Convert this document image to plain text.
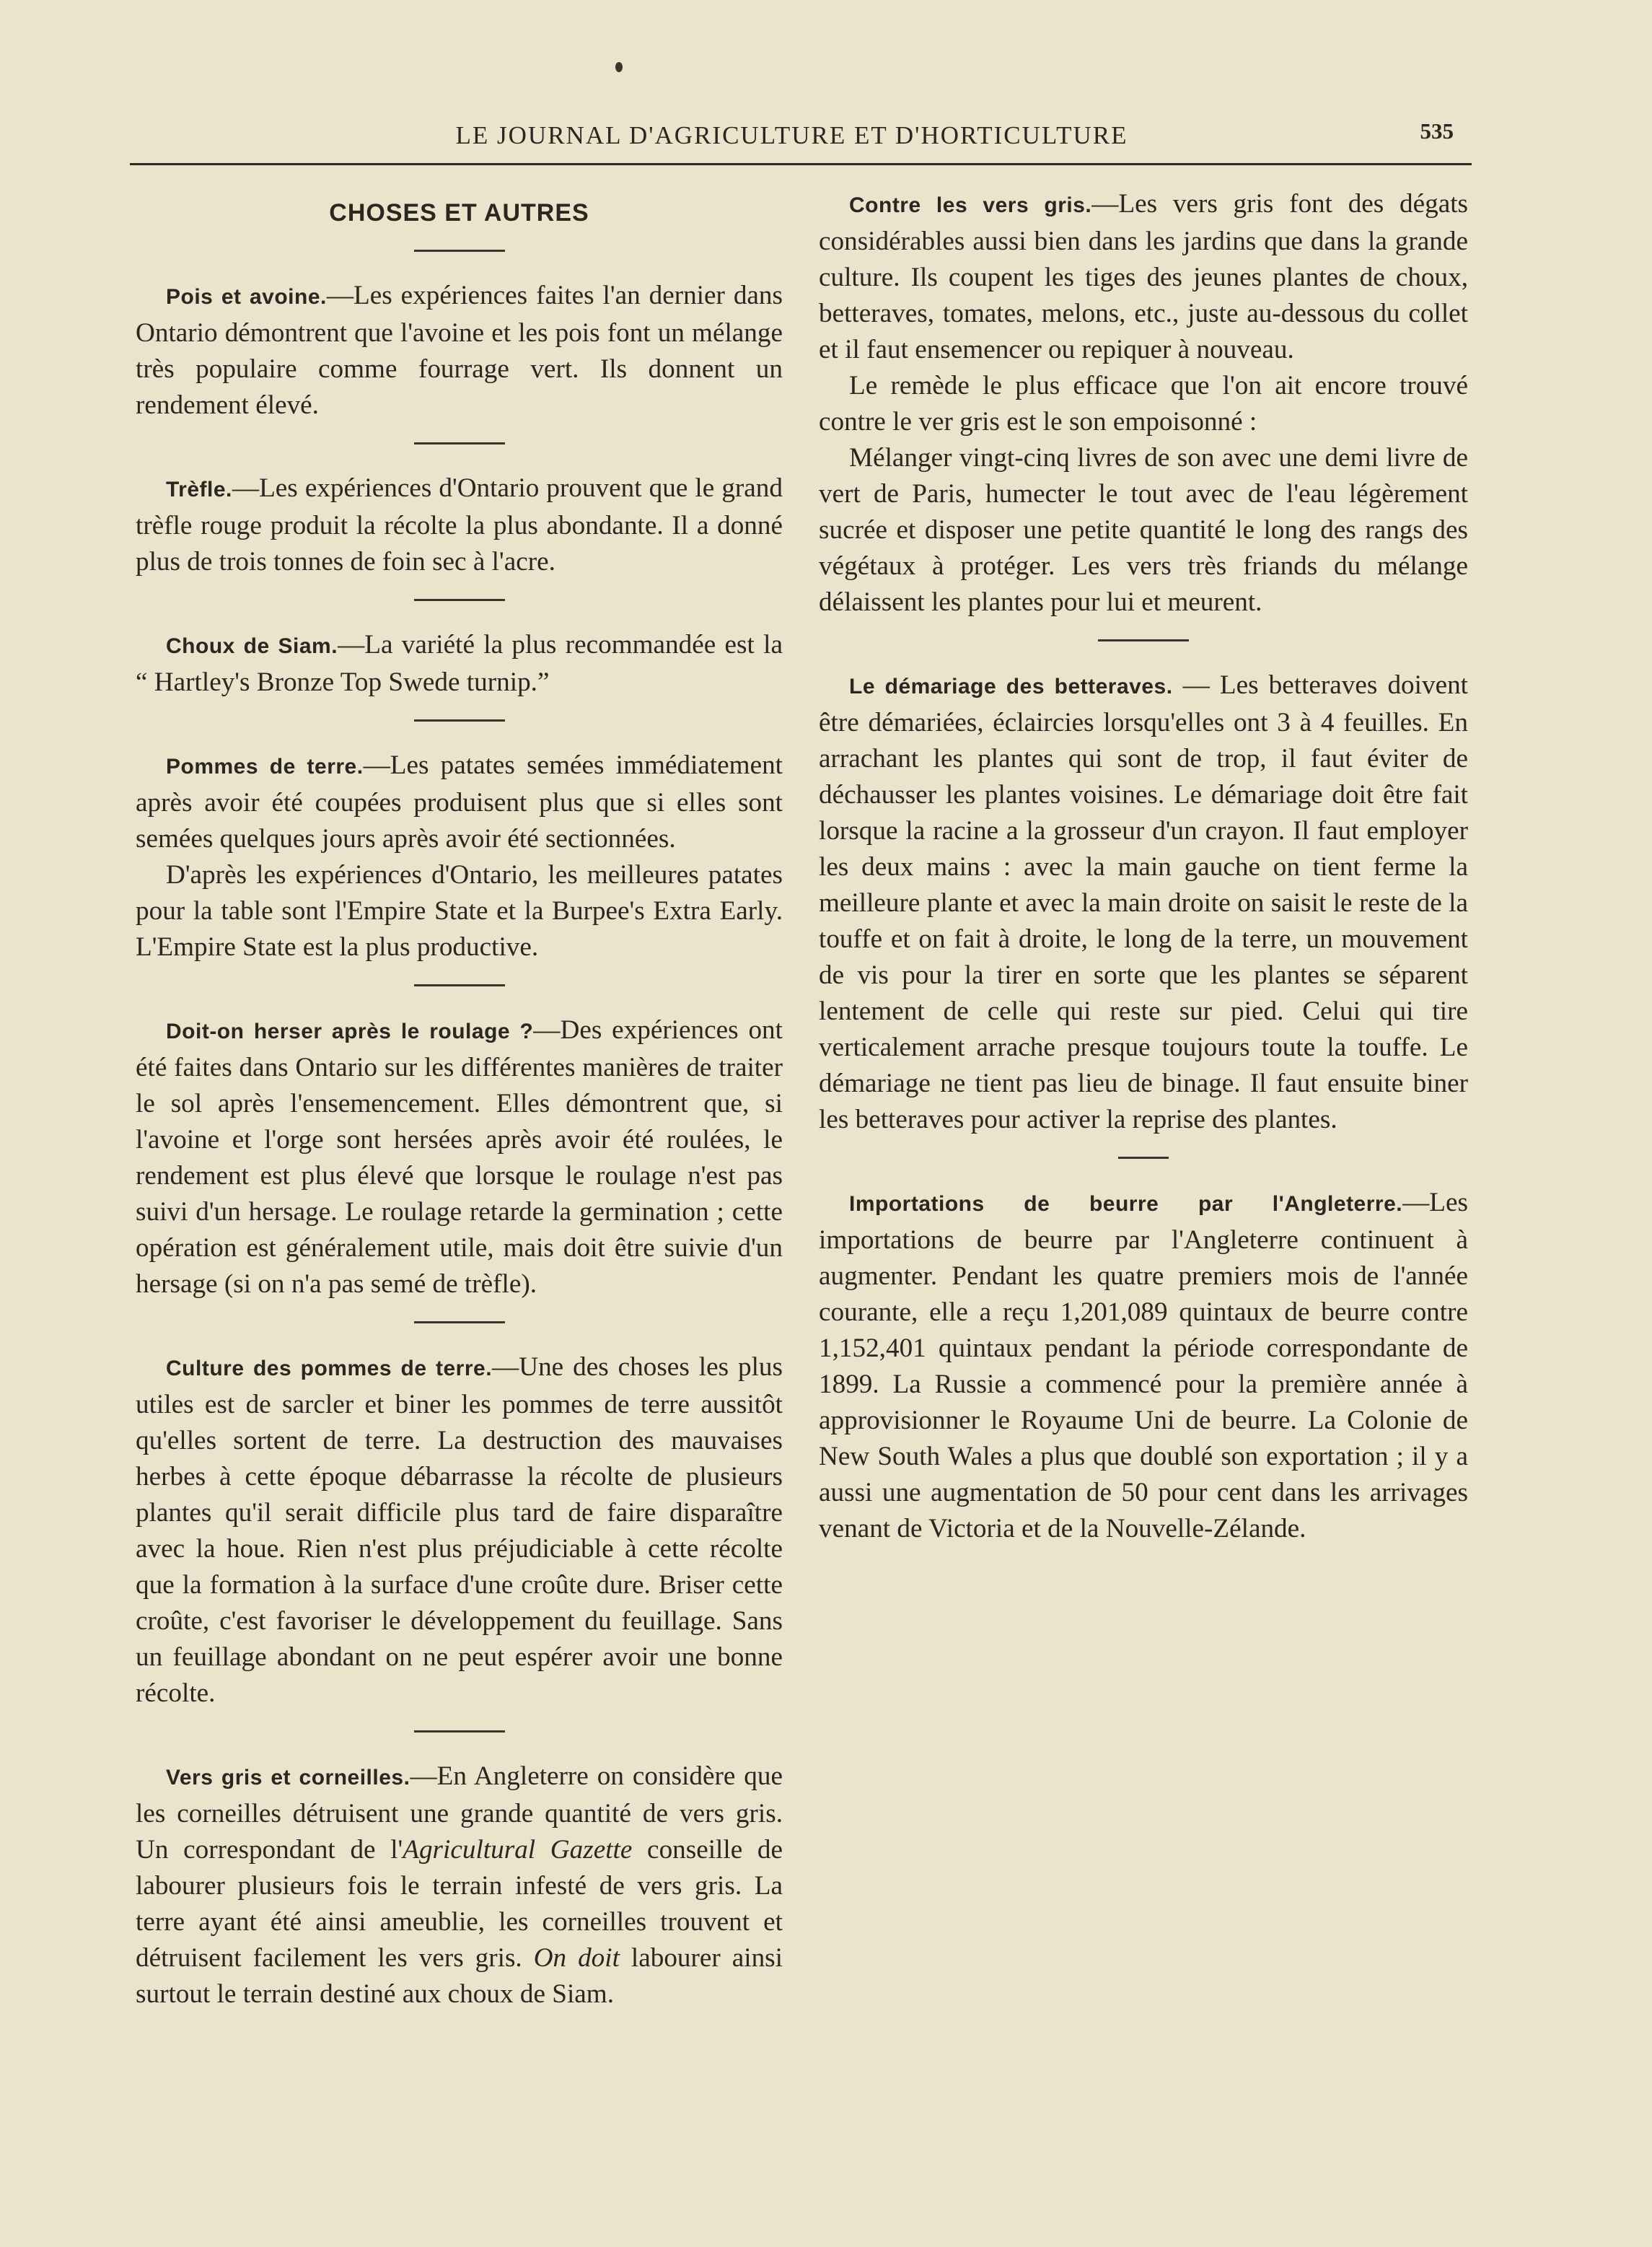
LE JOURNAL D'AGRICULTURE ET D'HORTICULTURE	535
CHOSES ET AUTRES

Pois et avoine.—Les expériences faites l'an dernier dans Ontario démontrent que l'avoine et les pois font un mélange très populaire comme fourrage vert. Ils donnent un rendement élevé.

Trèfle.—Les expériences d'Ontario prouvent que le grand trèfle rouge produit la récolte la plus abondante. Il a donné plus de trois tonnes de foin sec à l'acre.

Choux de Siam.—La variété la plus recommandée est la “ Hartley's Bronze Top Swede turnip.”

Pommes de terre.—Les patates semées immédiatement après avoir été coupées produisent plus que si elles sont semées quelques jours après avoir été sectionnées.

D'après les expériences d'Ontario, les meilleures patates pour la table sont l'Empire State et la Burpee's Extra Early. L'Empire State est la plus productive.

Doit-on herser après le roulage ?—Des expériences ont été faites dans Ontario sur les différentes manières de traiter le sol après l'ensemencement. Elles démontrent que, si l'avoine et l'orge sont hersées après avoir été roulées, le rendement est plus élevé que lorsque le roulage n'est pas suivi d'un hersage. Le roulage retarde la germination ; cette opération est généralement utile, mais doit être suivie d'un hersage (si on n'a pas semé de trèfle).

Culture des pommes de terre.—Une des choses les plus utiles est de sarcler et biner les pommes de terre aussitôt qu'elles sortent de terre. La destruction des mauvaises herbes à cette époque débarrasse la récolte de plusieurs plantes qu'il serait difficile plus tard de faire disparaître avec la houe. Rien n'est plus préjudiciable à cette récolte que la formation à la surface d'une croûte dure. Briser cette croûte, c'est favoriser le développement du feuillage. Sans un feuillage abondant on ne peut espérer avoir une bonne récolte.

Vers gris et corneilles.—En Angleterre on considère que les corneilles détruisent une grande quantité de vers gris. Un correspondant de l'Agricultural Gazette conseille de labourer plusieurs fois le terrain infesté de vers gris. La terre ayant été ainsi ameublie, les corneilles trouvent et détruisent facilement les vers gris. On doit labourer ainsi surtout le terrain destiné aux choux de Siam.

Contre les vers gris.—Les vers gris font des dégats considérables aussi bien dans les jardins que dans la grande culture. Ils coupent les tiges des jeunes plantes de choux, betteraves, tomates, melons, etc., juste au-dessous du collet et il faut ensemencer ou repiquer à nouveau.

Le remède le plus efficace que l'on ait encore trouvé contre le ver gris est le son empoisonné :

Mélanger vingt-cinq livres de son avec une demi livre de vert de Paris, humecter le tout avec de l'eau légèrement sucrée et disposer une petite quantité le long des rangs des végétaux à protéger. Les vers très friands du mélange délaissent les plantes pour lui et meurent.

Le démariage des betteraves. — Les betteraves doivent être démariées, éclaircies lorsqu'elles ont 3 à 4 feuilles. En arrachant les plantes qui sont de trop, il faut éviter de déchausser les plantes voisines. Le démariage doit être fait lorsque la racine a la grosseur d'un crayon. Il faut employer les deux mains : avec la main gauche on tient ferme la meilleure plante et avec la main droite on saisit le reste de la touffe et on fait à droite, le long de la terre, un mouvement de vis pour la tirer en sorte que les plantes se séparent lentement de celle qui reste sur pied. Celui qui tire verticalement arrache presque toujours toute la touffe. Le démariage ne tient pas lieu de binage. Il faut ensuite biner les betteraves pour activer la reprise des plantes.

Importations de beurre par l'Angleterre.—Les importations de beurre par l'Angleterre continuent à augmenter. Pendant les quatre premiers mois de l'année courante, elle a reçu 1,201,089 quintaux de beurre contre 1,152,401 quintaux pendant la période correspondante de 1899. La Russie a commencé pour la première année à approvisionner le Royaume Uni de beurre. La Colonie de New South Wales a plus que doublé son exportation ; il y a aussi une augmentation de 50 pour cent dans les arrivages venant de Victoria et de la Nouvelle-Zélande.
